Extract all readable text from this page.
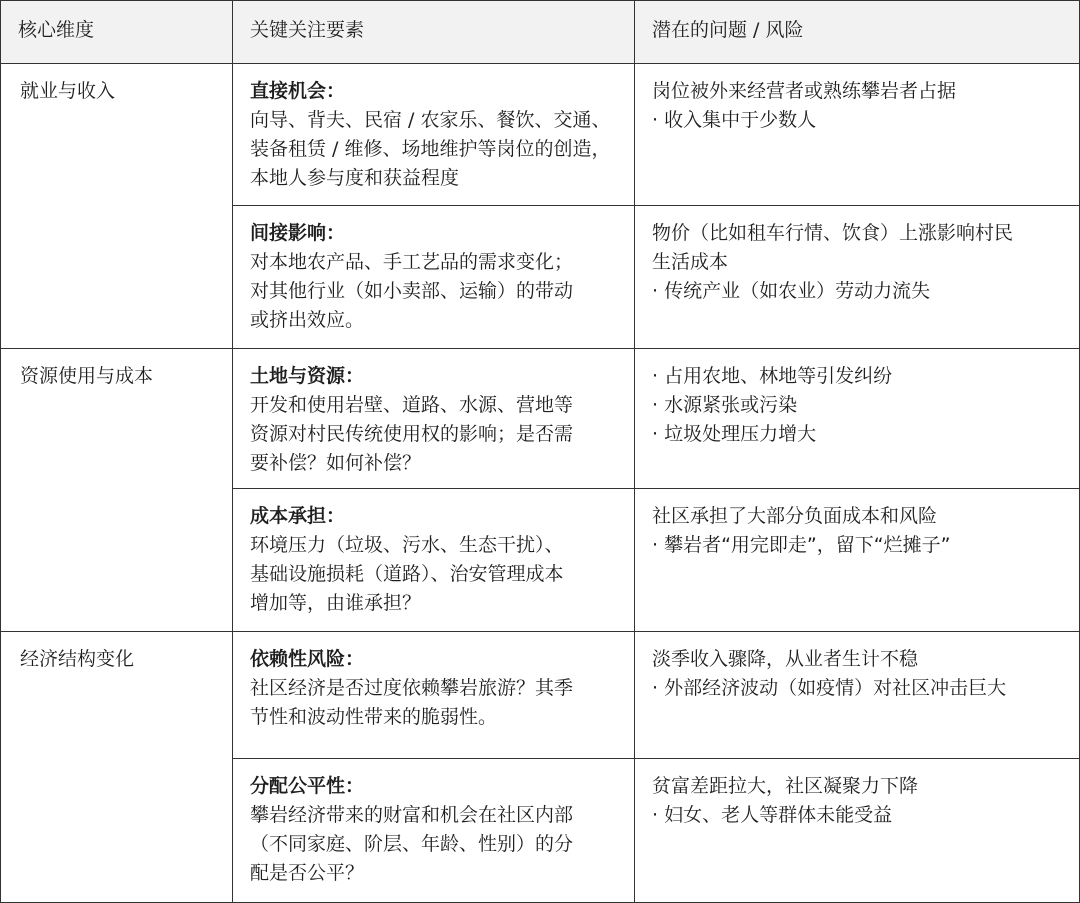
核心维度	关键关注要素	潜在的问题 / 风险
就业与收入	直接机会：
向导、背夫、民宿 / 农家乐、餐饮、交通、
装备租赁 / 维修、场地维护等岗位的创造，
本地人参与度和获益程度	岗位被外来经营者或熟练攀岩者占据
· 收入集中于少数人

	间接影响：
对本地农产品、手工艺品的需求变化；
对其他行业（如小卖部、运输）的带动
或挤出效应。	物价（比如租车行情、饮食）上涨影响村民
生活成本
· 传统产业（如农业）劳动力流失

资源使用与成本	土地与资源：
开发和使用岩壁、道路、水源、营地等
资源对村民传统使用权的影响；是否需
要补偿？如何补偿？	· 占用农地、林地等引发纠纷
· 水源紧张或污染
· 垃圾处理压力增大

	成本承担：
环境压力（垃圾、污水、生态干扰）、
基础设施损耗（道路）、治安管理成本
增加等，由谁承担？	社区承担了大部分负面成本和风险
· 攀岩者“用完即走”，留下“烂摊子”

经济结构变化	依赖性风险：
社区经济是否过度依赖攀岩旅游？其季
节性和波动性带来的脆弱性。	淡季收入骤降，从业者生计不稳
· 外部经济波动（如疫情）对社区冲击巨大

	分配公平性：
攀岩经济带来的财富和机会在社区内部
（不同家庭、阶层、年龄、性别）的分
配是否公平？	贫富差距拉大，社区凝聚力下降
· 妇女、老人等群体未能受益
